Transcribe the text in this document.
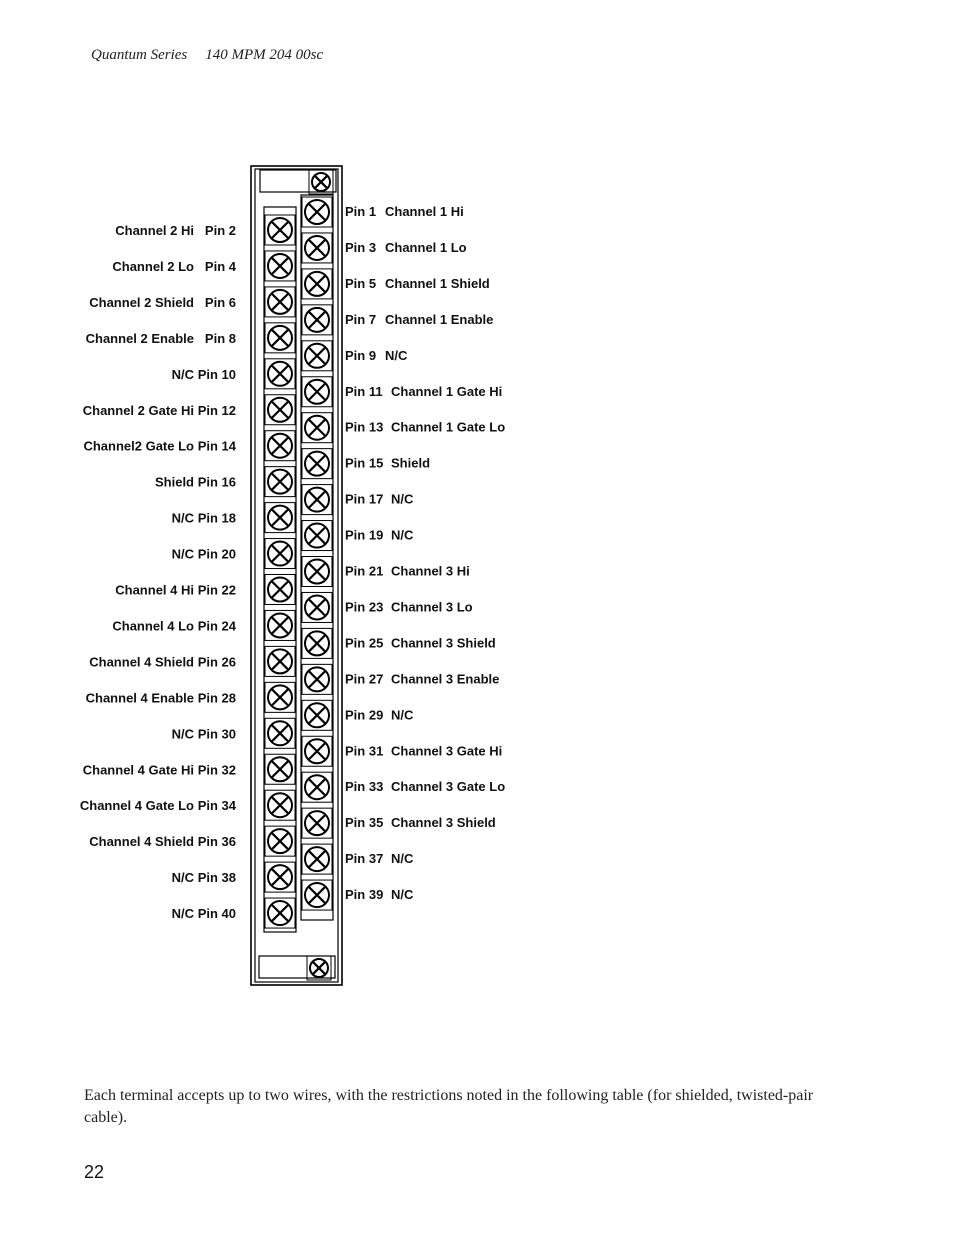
Quantum Series 140 MPM 204 00sc
Pin 2
Channel 2 Hi
Pin 4
Channel 2 Lo
Pin 6
Channel 2 Shield
Pin 8
Channel 2 Enable
Pin 10
N/C
Pin 12
Channel 2 Gate Hi
Pin 14
Channel2 Gate Lo
Pin 16
Shield
Pin 18
N/C
Pin 20
N/C
Pin 22
Channel 4 Hi
Pin 24
Channel 4 Lo
Pin 26
Channel 4 Shield
Pin 28
Channel 4 Enable
Pin 30
N/C
Pin 32
Channel 4 Gate Hi
Pin 34
Channel 4 Gate Lo
Pin 36
Channel 4 Shield
Pin 38
N/C
Pin 40
N/C
Pin 1 Channel 1 Hi
Pin 3 Channel 1 Lo
Pin 5 Channel 1 Shield
Pin 7 Channel 1 Enable
Pin 9 N/C
Pin 11 Channel 1 Gate Hi
Pin 13 Channel 1 Gate Lo
Pin 15 Shield
Pin 17 N/C
Pin 19 N/C
Pin 21 Channel 3 Hi
Pin 23 Channel 3 Lo
Pin 25 Channel 3 Shield
Pin 27 Channel 3 Enable
Pin 29 N/C
Pin 31 Channel 3 Gate Hi
Pin 33 Channel 3 Gate Lo
Pin 35 Channel 3 Shield
Pin 37 N/C
Pin 39 N/C
Each terminal accepts up to two wires, with the restrictions noted in the following table (for shielded, twisted-pair cable).
22
